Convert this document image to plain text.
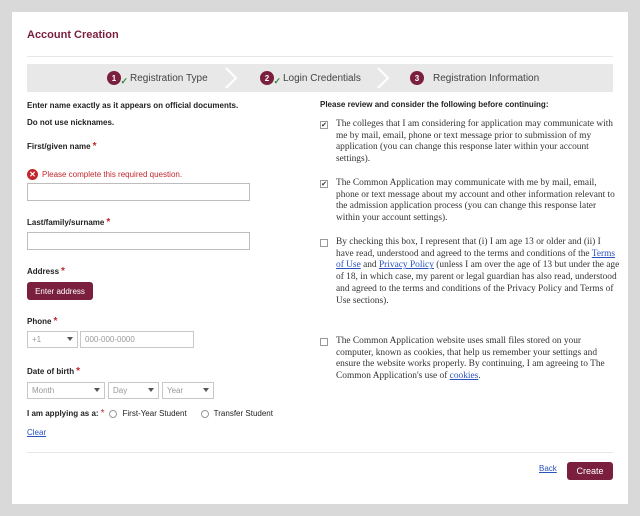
Account Creation
1 ✓ Registration Type	2 ✓ Login Credentials	3 Registration Information
Enter name exactly as it appears on official documents.
Do not use nicknames.
First/given name *
✕ Please complete this required question.
Last/family/surname *
Address *
Enter address
Phone *
+1	000-000-0000
Date of birth *
Month	Day	Year
I am applying as a: * First-Year Student	Transfer Student
Clear
Please review and consider the following before continuing:
✔ The colleges that I am considering for application may communicate with me by mail, email, phone or text message prior to submission of my application (you can change this response later within your account settings).
✔ The Common Application may communicate with me by mail, email, phone or text message about my account and other information relevant to the admission application process (you can change this response later within your account settings).
By checking this box, I represent that (i) I am age 13 or older and (ii) I have read, understood and agreed to the terms and conditions of the Terms of Use and Privacy Policy (unless I am over the age of 13 but under the age of 18, in which case, my parent or legal guardian has also read, understood and agreed to the terms and conditions of the Privacy Policy and Terms of Use sections).
The Common Application website uses small files stored on your computer, known as cookies, that help us remember your settings and ensure the website works properly. By continuing, I am agreeing to The Common Application's use of cookies.
Back	Create
